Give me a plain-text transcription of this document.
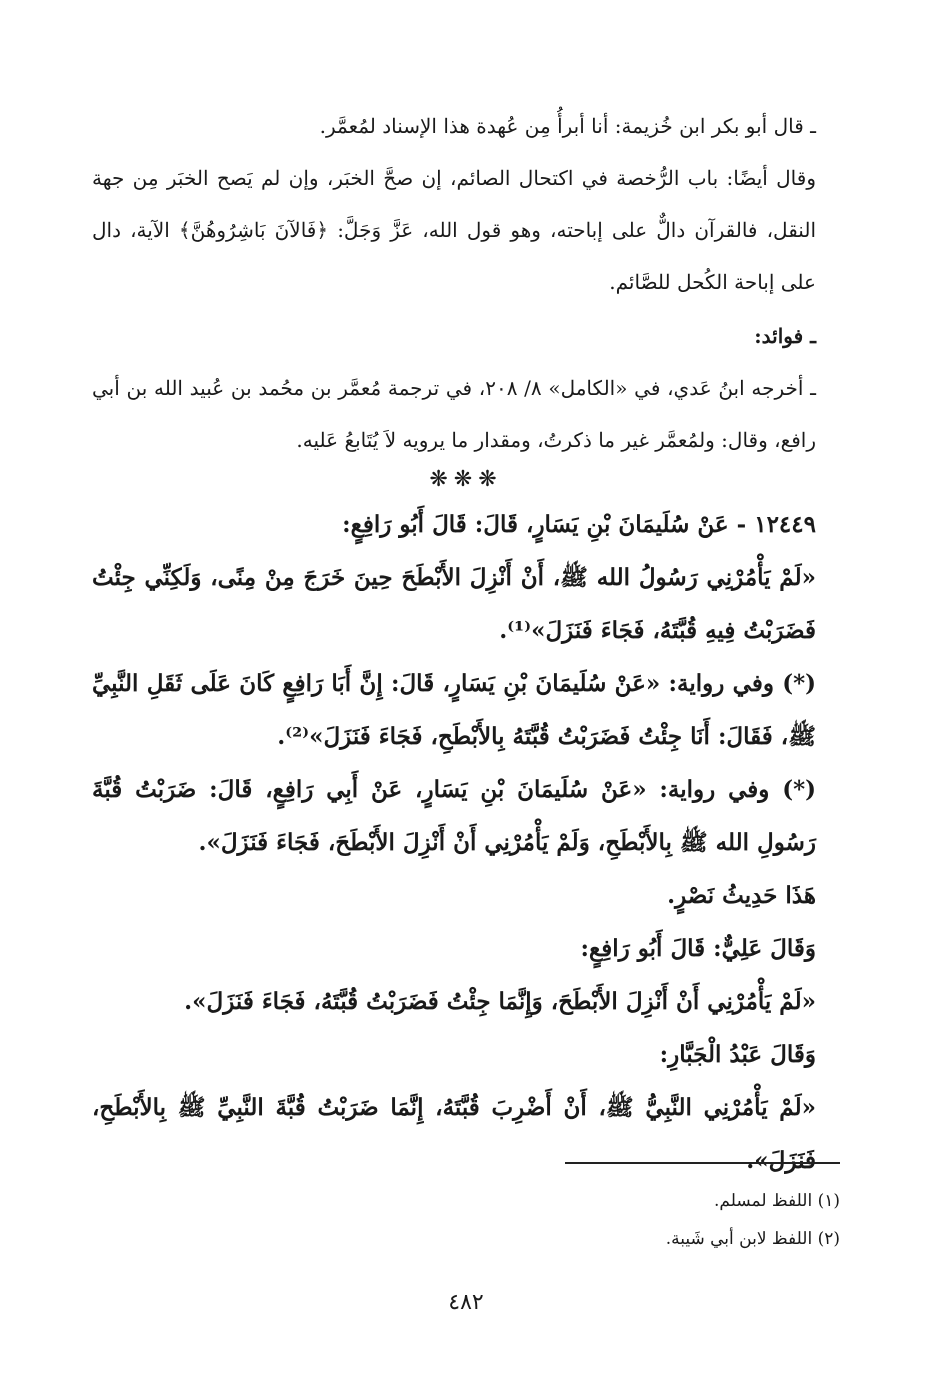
ـ قال أبو بكر ابن خُزيمة: أنا أبرأُ مِن عُهدة هذا الإسناد لمُعمَّر.

وقال أيضًا: باب الرُّخصة في اكتحال الصائم، إن صحَّ الخبَر، وإن لم يَصح الخبَر مِن جهة النقل، فالقرآن دالٌّ على إباحته، وهو قول الله، عَزَّ وَجَلَّ: ﴿فَالآنَ بَاشِرُوهُنَّ﴾ الآية، دال على إباحة الكُحل للصَّائم.

ـ فوائد:

ـ أخرجه ابنُ عَدي، في «الكامل» ٨/ ٢٠٨، في ترجمة مُعمَّر بن محُمد بن عُبيد الله بن أبي رافع، وقال: ولمُعمَّر غير ما ذكرتُ، ومقدار ما يرويه لاَ يُتَابعُ عَليه.

❋❋❋

١٢٤٤٩ - عَنْ سُلَيمَانَ بْنِ يَسَارٍ، قَالَ: قَالَ أَبُو رَافِعٍ:

«لَمْ يَأْمُرْنِي رَسُولُ الله ﷺ، أَنْ أَنْزِلَ الأَبْطَحَ حِينَ خَرَجَ مِنْ مِنًى، وَلَكِنِّي جِئْتُ فَضَرَبْتُ فِيهِ قُبَّتَهُ، فَجَاءَ فَنَزَلَ»⁽¹⁾.

(*) وفي رواية: «عَنْ سُلَيمَانَ بْنِ يَسَارٍ، قَالَ: إِنَّ أَبَا رَافِعٍ كَانَ عَلَى ثَقَلِ النَّبِيِّ ﷺ، فَقَالَ: أَنَا جِئْتُ فَضَرَبْتُ قُبَّتَهُ بِالأَبْطَحِ، فَجَاءَ فَنَزَلَ»⁽²⁾.

(*) وفي رواية: «عَنْ سُلَيمَانَ بْنِ يَسَارٍ، عَنْ أَبِي رَافِعٍ، قَالَ: ضَرَبْتُ قُبَّةَ رَسُولِ الله ﷺ بِالأَبْطَحِ، وَلَمْ يَأْمُرْنِي أَنْ أَنْزِلَ الأَبْطَحَ، فَجَاءَ فَنَزَلَ».

هَذَا حَدِيثُ نَصْرٍ.

وَقَالَ عَلِيٌّ: قَالَ أَبُو رَافِعٍ:

«لَمْ يَأْمُرْنِي أَنْ أَنْزِلَ الأَبْطَحَ، وَإِنَّمَا جِئْتُ فَضَرَبْتُ قُبَّتَهُ، فَجَاءَ فَنَزَلَ».

وَقَالَ عَبْدُ الْجَبَّارِ:

«لَمْ يَأْمُرْنِي النَّبِيُّ ﷺ، أَنْ أَضْرِبَ قُبَّتَهُ، إِنَّمَا ضَرَبْتُ قُبَّةَ النَّبِيِّ ﷺ بِالأَبْطَحِ، فَنَزَلَ».

(١) اللفظ لمسلم.

(٢) اللفظ لابن أبي شَيبة.

٤٨٢
